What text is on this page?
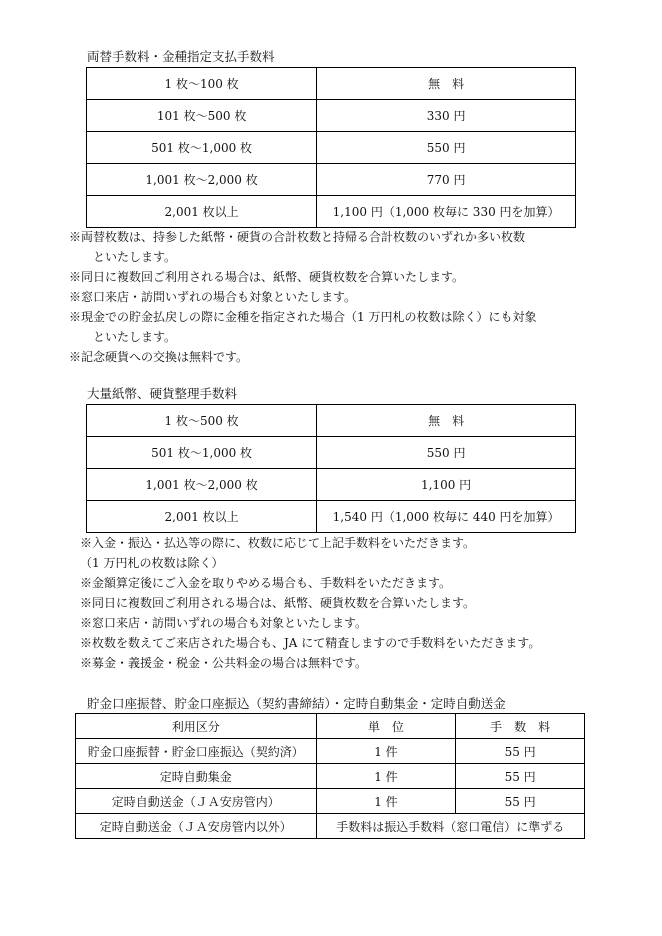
両替手数料・金種指定支払手数料
1 枚～100 枚	無　料
101 枚～500 枚	330 円
501 枚～1,000 枚	550 円
1,001 枚～2,000 枚	770 円
2,001 枚以上	1,100 円（1,000 枚毎に 330 円を加算）
※両替枚数は、持参した紙幣・硬貨の合計枚数と持帰る合計枚数のいずれか多い枚数
といたします。
※同日に複数回ご利用される場合は、紙幣、硬貨枚数を合算いたします。
※窓口来店・訪問いずれの場合も対象といたします。
※現金での貯金払戻しの際に金種を指定された場合（1 万円札の枚数は除く）にも対象
といたします。
※記念硬貨への交換は無料です。
大量紙幣、硬貨整理手数料
1 枚～500 枚	無　料
501 枚～1,000 枚	550 円
1,001 枚～2,000 枚	1,100 円
2,001 枚以上	1,540 円（1,000 枚毎に 440 円を加算）
※入金・振込・払込等の際に、枚数に応じて上記手数料をいただきます。
（1 万円札の枚数は除く）
※金額算定後にご入金を取りやめる場合も、手数料をいただきます。
※同日に複数回ご利用される場合は、紙幣、硬貨枚数を合算いたします。
※窓口来店・訪問いずれの場合も対象といたします。
※枚数を数えてご来店された場合も、JA にて精査しますので手数料をいただきます。
※募金・義援金・税金・公共料金の場合は無料です。
貯金口座振替、貯金口座振込（契約書締結）・定時自動集金・定時自動送金
利用区分	単　位	手　数　料
貯金口座振替・貯金口座振込（契約済）	1 件	55 円
定時自動集金	1 件	55 円
定時自動送金（ＪＡ安房管内）	1 件	55 円
定時自動送金（ＪＡ安房管内以外）	手数料は振込手数料（窓口電信）に準ずる	
